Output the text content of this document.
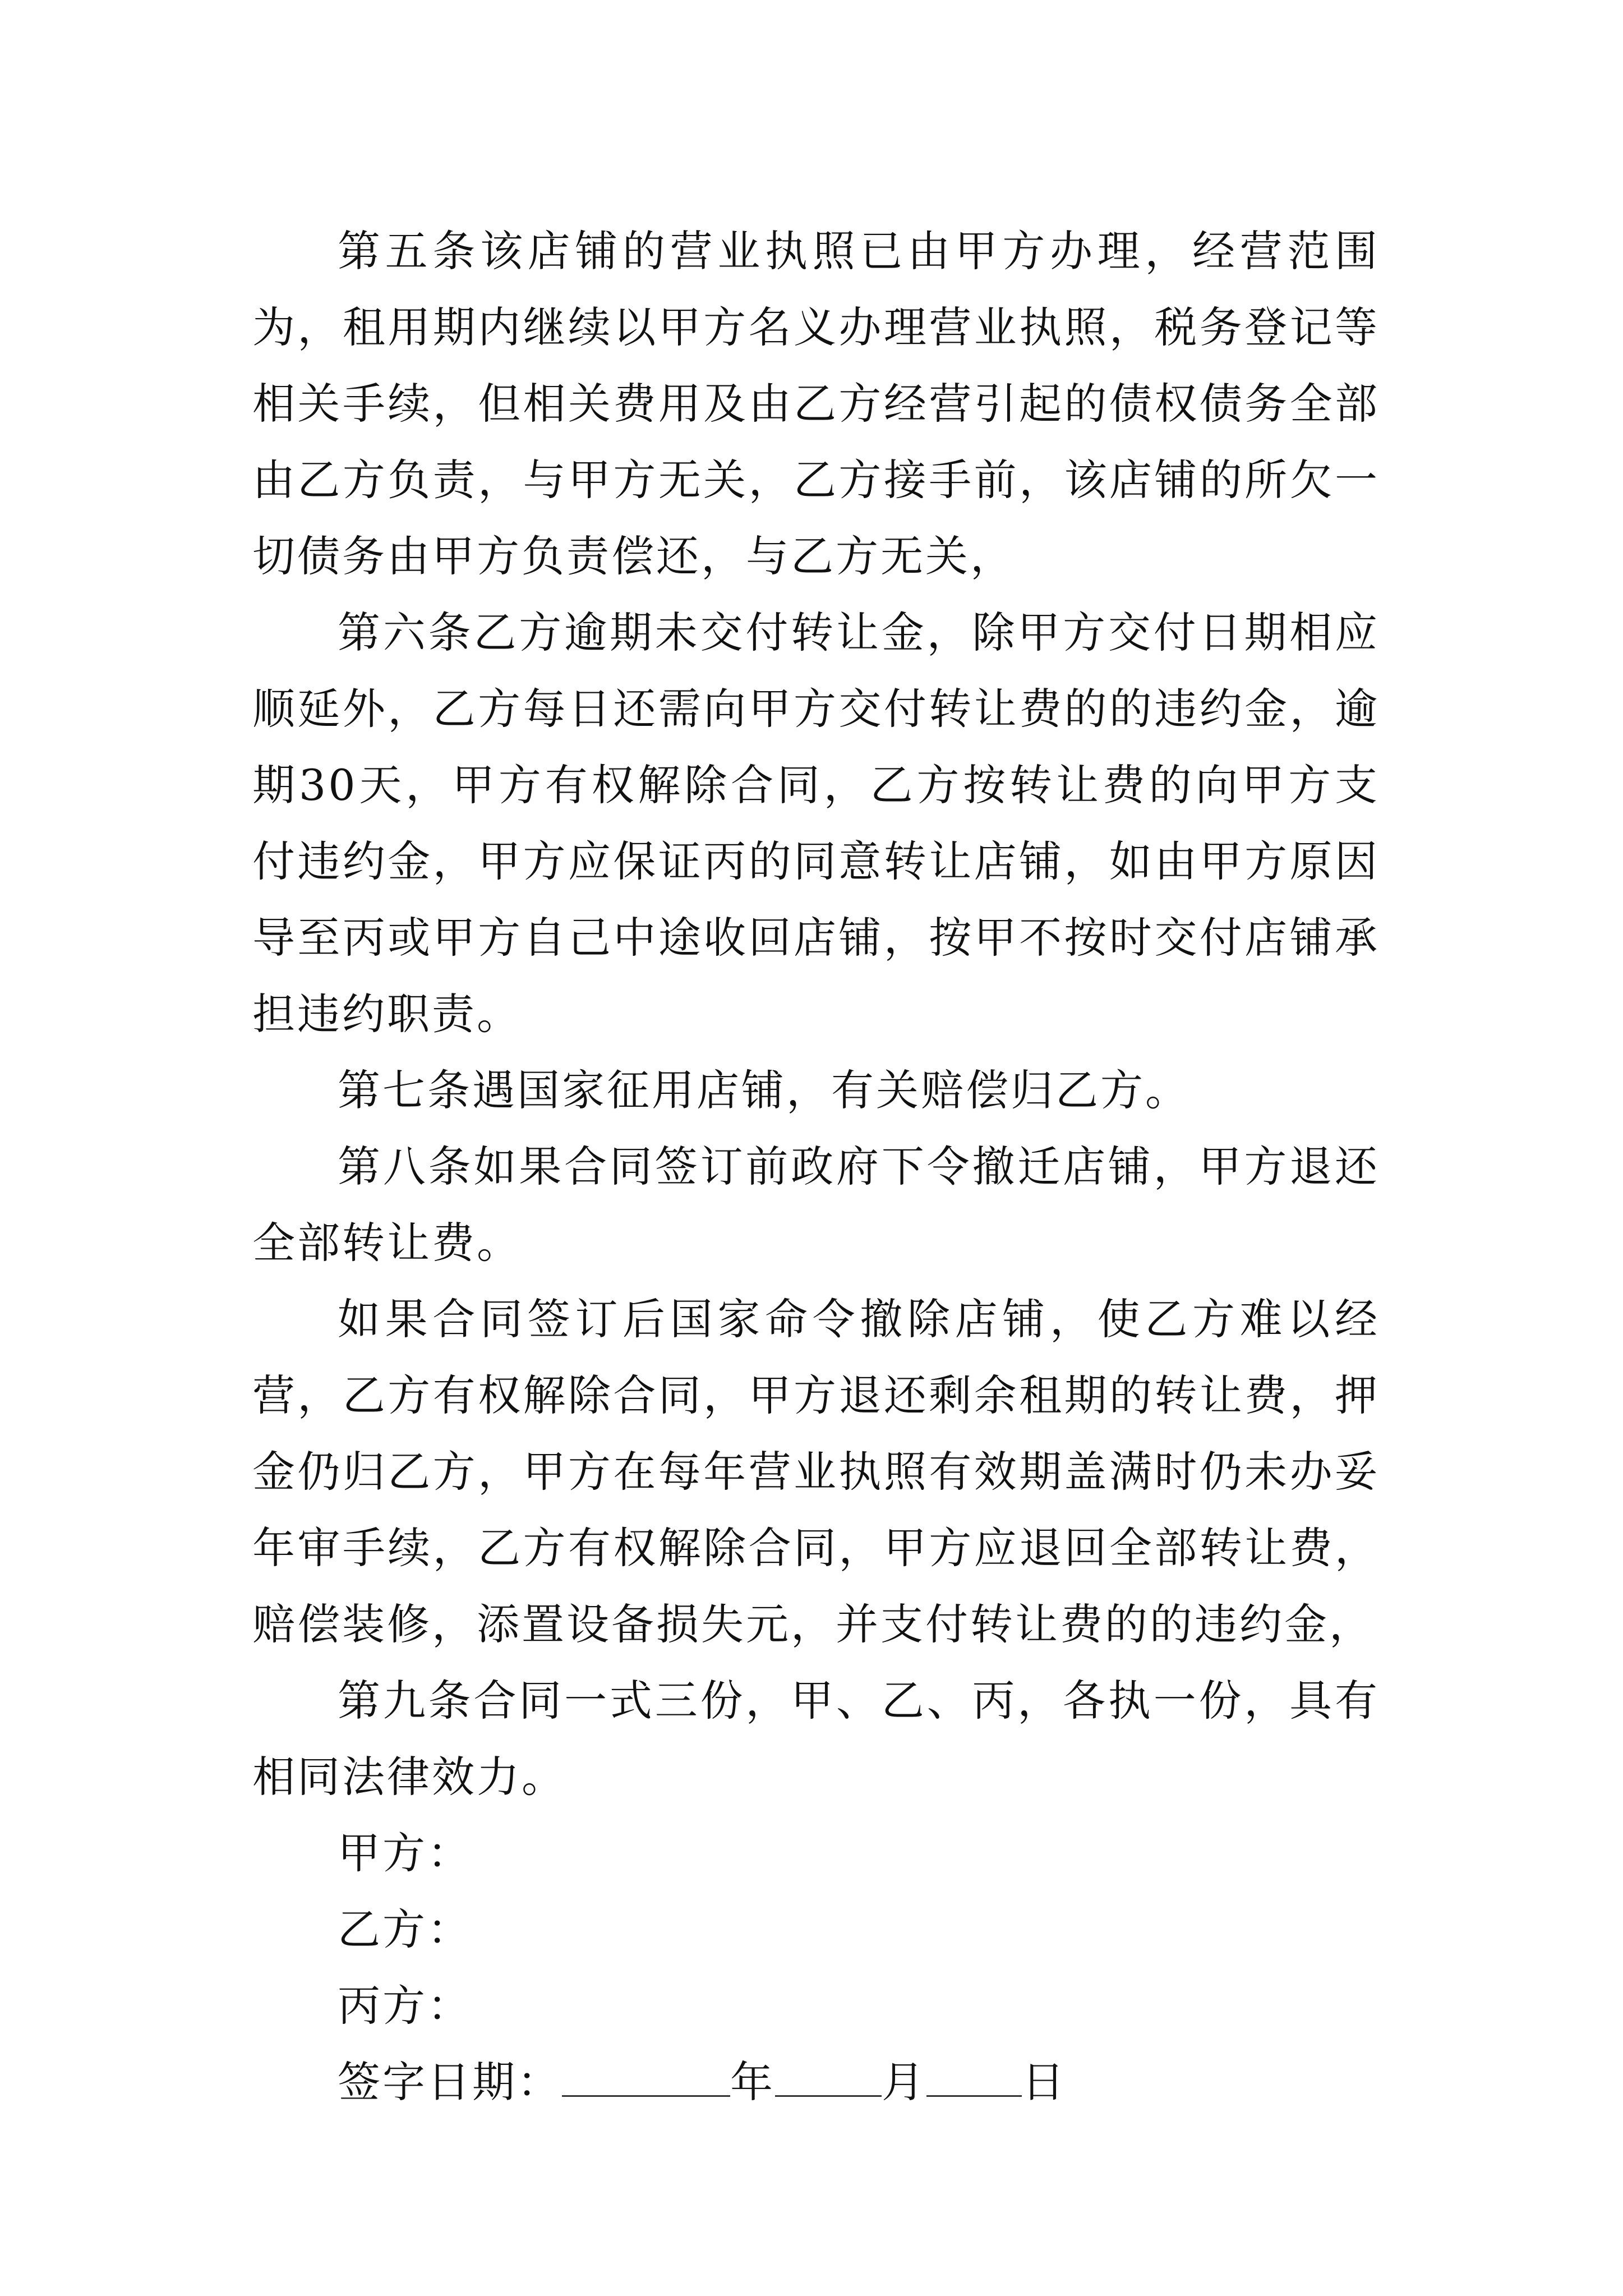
第五条该店铺的营业执照已由甲方办理，经营范围为，租用期内继续以甲方名义办理营业执照，税务登记等相关手续，但相关费用及由乙方经营引起的债权债务全部由乙方负责，与甲方无关，乙方接手前，该店铺的所欠一切债务由甲方负责偿还，与乙方无关，

第六条乙方逾期未交付转让金，除甲方交付日期相应顺延外，乙方每日还需向甲方交付转让费的的违约金，逾期30天，甲方有权解除合同，乙方按转让费的向甲方支付违约金，甲方应保证丙的同意转让店铺，如由甲方原因导至丙或甲方自己中途收回店铺，按甲不按时交付店铺承担违约职责。

第七条遇国家征用店铺，有关赔偿归乙方。

第八条如果合同签订前政府下令撤迁店铺，甲方退还全部转让费。

如果合同签订后国家命令撤除店铺，使乙方难以经营，乙方有权解除合同，甲方退还剩余租期的转让费，押金仍归乙方，甲方在每年营业执照有效期盖满时仍未办妥年审手续，乙方有权解除合同，甲方应退回全部转让费，赔偿装修，添置设备损失元，并支付转让费的的违约金，

第九条合同一式三份，甲、乙、丙，各执一份，具有相同法律效力。

甲方：

乙方：

丙方：

签字日期：	年	月 日
